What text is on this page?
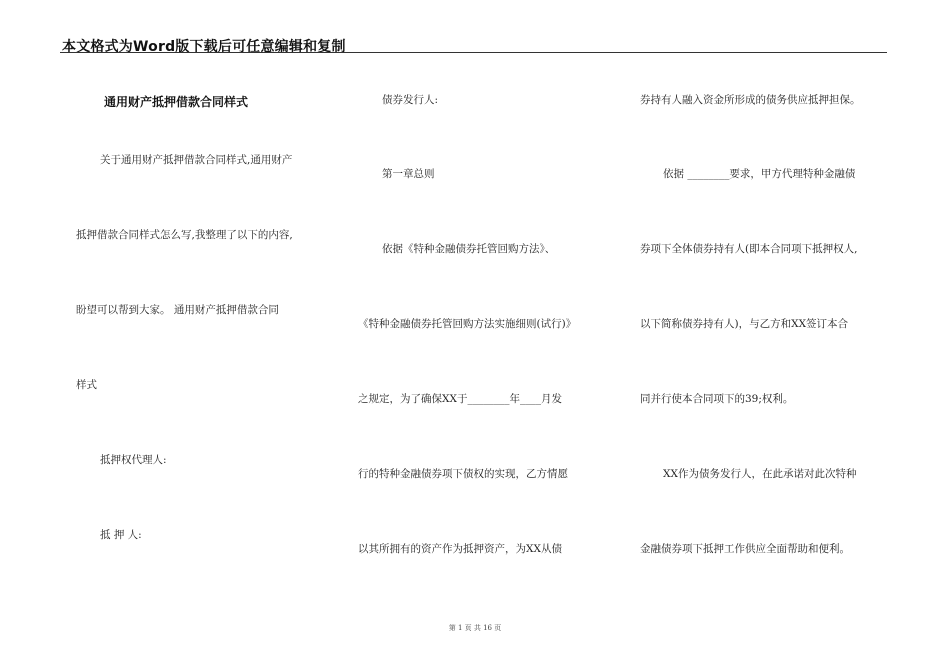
本文格式为Word版下载后可任意编辑和复制
通用财产抵押借款合同样式

关于通用财产抵押借款合同样式,通用财产

抵押借款合同样式怎么写,我整理了以下的内容,

盼望可以帮到大家。 通用财产抵押借款合同

样式

抵押权代理人:

抵 押 人:

债券发行人:

第一章总则

依据《特种金融债券托管回购方法》、

《特种金融债券托管回购方法实施细则(试行)》

之规定，为了确保XX于________年____月发

行的特种金融债券项下债权的实现，乙方情愿

以其所拥有的资产作为抵押资产，为XX从债

券持有人融入资金所形成的债务供应抵押担保。

依据 ________要求，甲方代理特种金融债

券项下全体债券持有人(即本合同项下抵押权人,

以下简称债券持有人)，与乙方和XX签订本合

同并行使本合同项下的39;权利。

XX作为债务发行人，在此承诺对此次特种

金融债券项下抵押工作供应全面帮助和便利。

第 1 页 共 16 页
